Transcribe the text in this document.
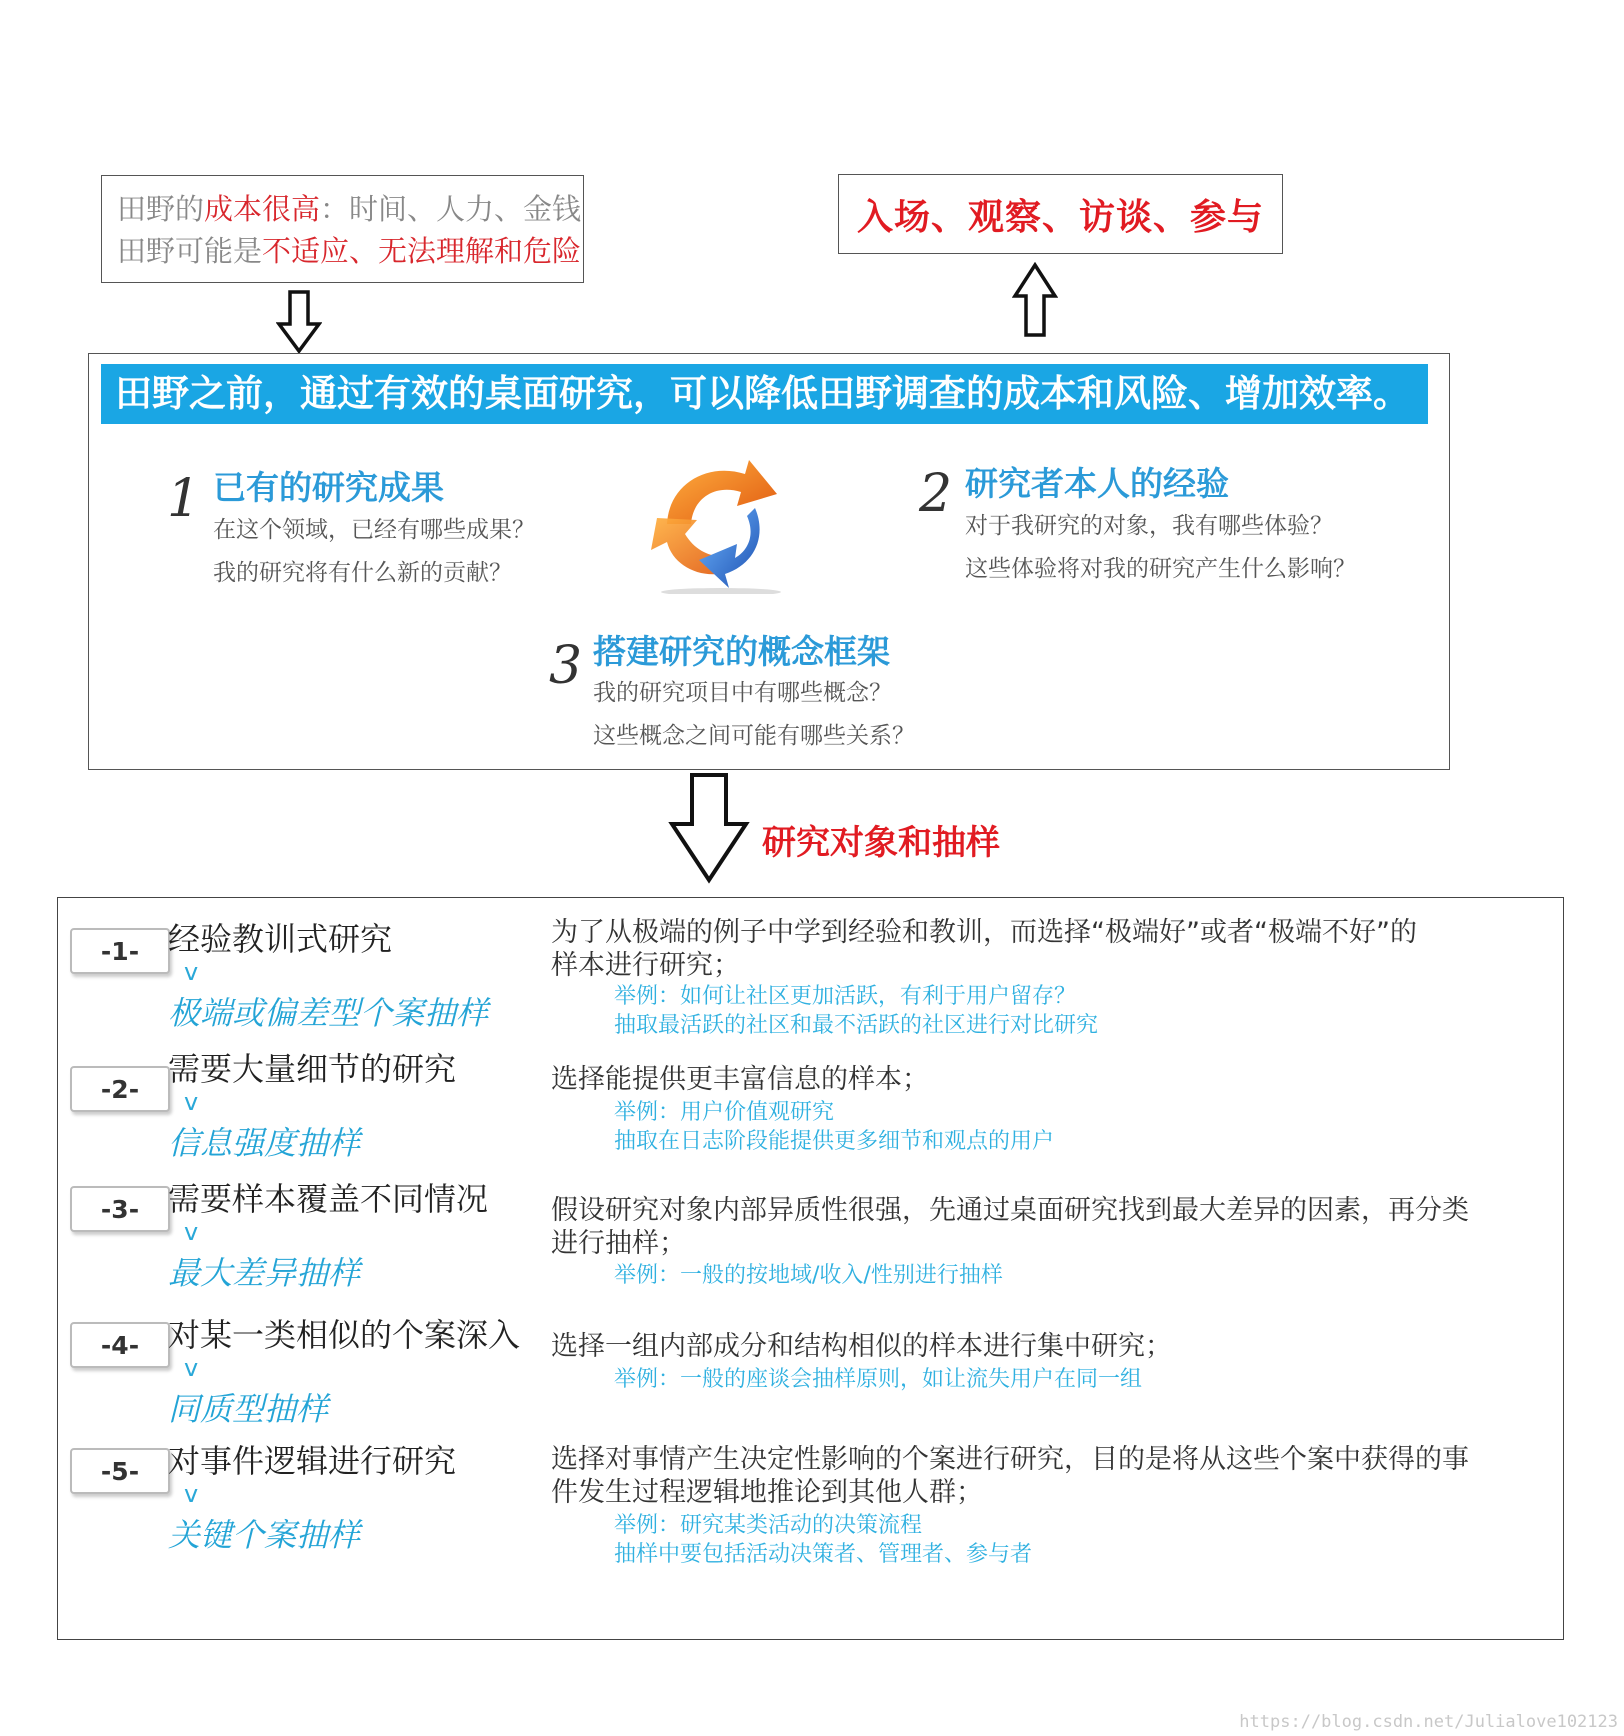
田野的成本很高：时间、人力、金钱
田野可能是不适应、无法理解和危险
入场、观察、访谈、参与
田野之前，通过有效的桌面研究，可以降低田野调查的成本和风险、增加效率。
1 已有的研究成果
在这个领域，已经有哪些成果？
我的研究将有什么新的贡献？
2 研究者本人的经验
对于我研究的对象，我有哪些体验？
这些体验将对我的研究产生什么影响？
3 搭建研究的概念框架
我的研究项目中有哪些概念？
这些概念之间可能有哪些关系？
研究对象和抽样
-1- 经验教训式研究
v
极端或偏差型个案抽样
为了从极端的例子中学到经验和教训，而选择“极端好”或者“极端不好”的
样本进行研究；
举例：如何让社区更加活跃，有利于用户留存？
抽取最活跃的社区和最不活跃的社区进行对比研究
-2-
需要大量细节的研究
v
信息强度抽样
选择能提供更丰富信息的样本；
举例：用户价值观研究
抽取在日志阶段能提供更多细节和观点的用户
-3- 需要样本覆盖不同情况
v
最大差异抽样
假设研究对象内部异质性很强，先通过桌面研究找到最大差异的因素，再分类
进行抽样；
举例：一般的按地域/收入/性别进行抽样
-4- 对某一类相似的个案深入
v
同质型抽样
选择一组内部成分和结构相似的样本进行集中研究；
举例：一般的座谈会抽样原则，如让流失用户在同一组
-5- 对事件逻辑进行研究
v
关键个案抽样
选择对事情产生决定性影响的个案进行研究，目的是将从这些个案中获得的事
件发生过程逻辑地推论到其他人群；
举例：研究某类活动的决策流程
抽样中要包括活动决策者、管理者、参与者
https://blog.csdn.net/Julialove102123
